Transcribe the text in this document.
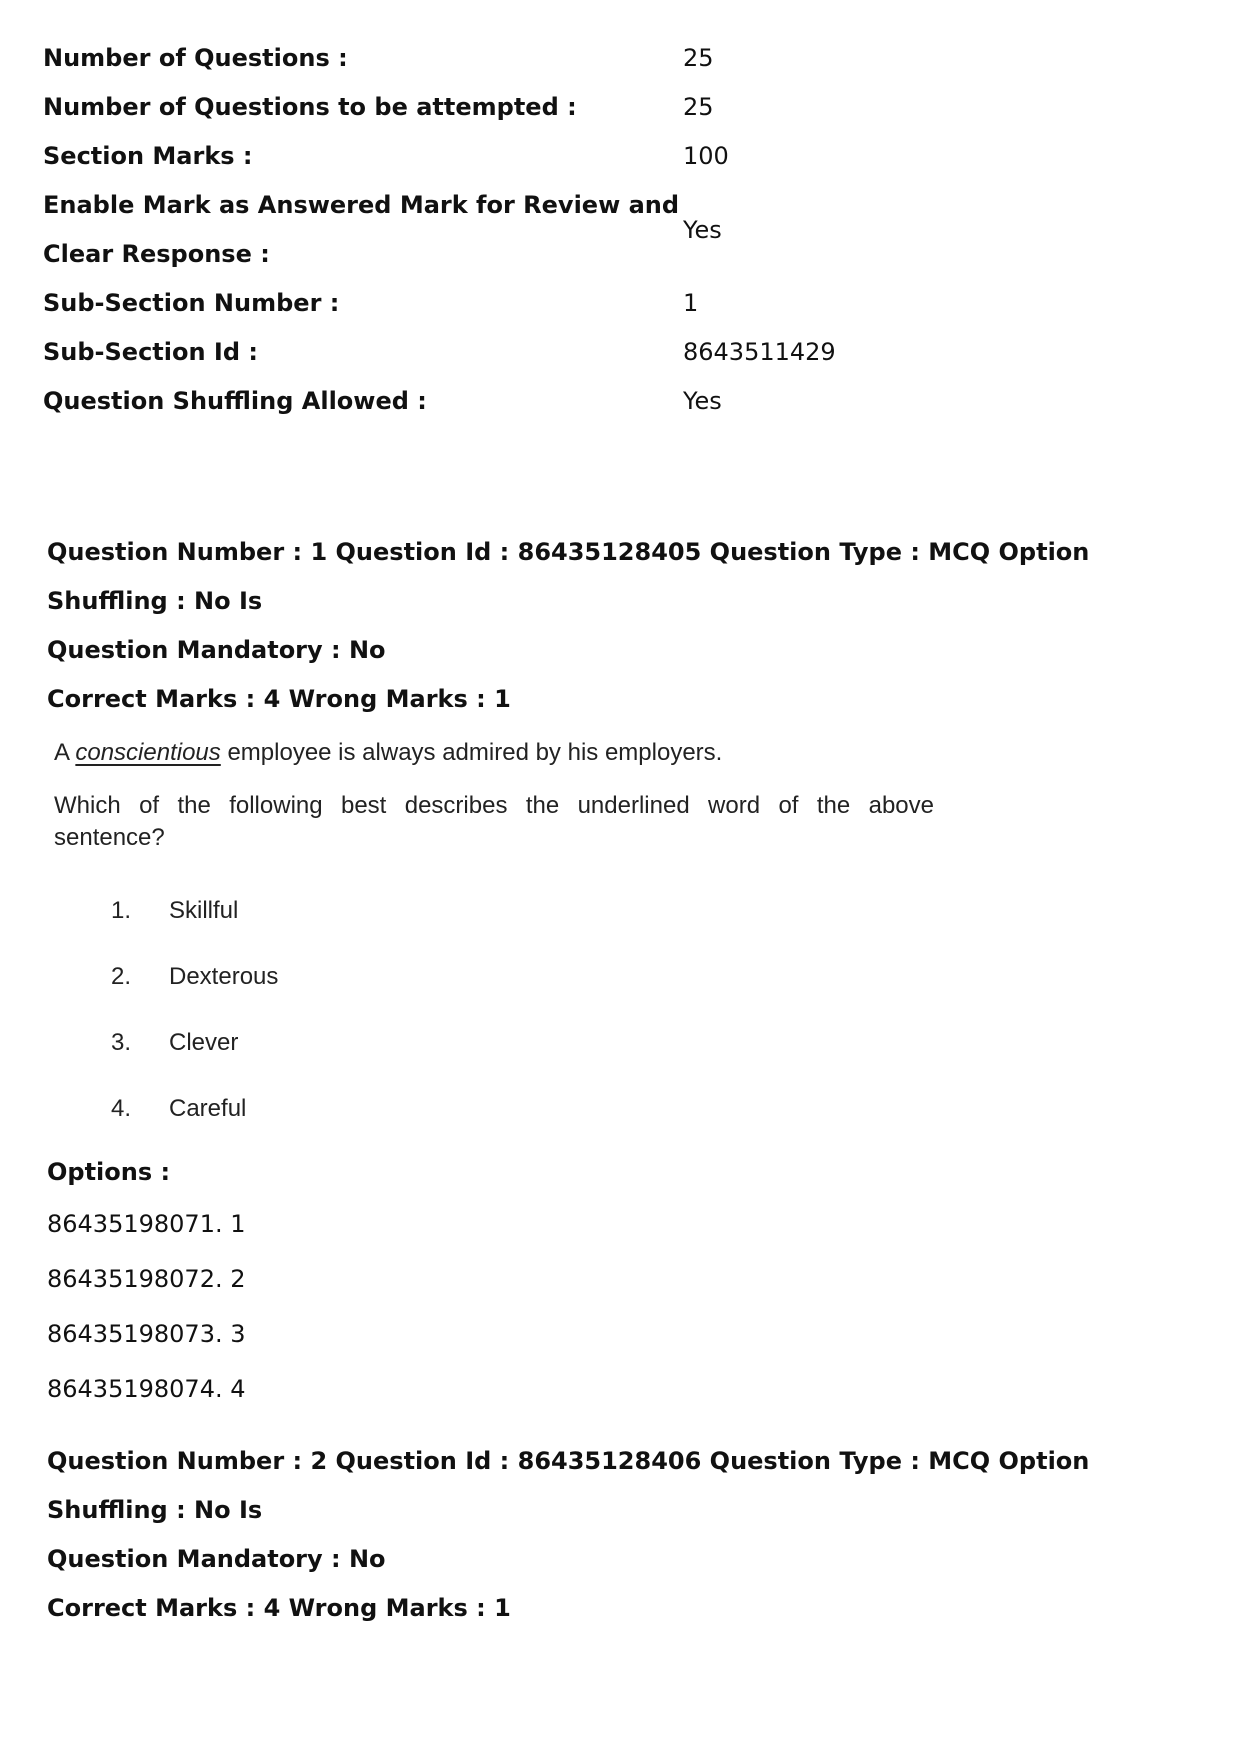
Number of Questions :	25
Number of Questions to be attempted :	25
Section Marks :	100

Enable Mark as Answered Mark for Review and
Clear Response :	Yes
Sub-Section Number :	1
Sub-Section Id :	8643511429
Question Shuffling Allowed :	Yes

Question Number : 1 Question Id : 86435128405 Question Type : MCQ Option Shuffling : No Is

Question Mandatory : No

Correct Marks : 4 Wrong Marks : 1

A conscientious employee is always admired by his employers.
Which of the following best describes the underlined word of the above sentence?
1.	Skillful
2.	Dexterous
3.	Clever
4.	Careful

Options :

86435198071. 1
86435198072. 2
86435198073. 3
86435198074. 4

Question Number : 2 Question Id : 86435128406 Question Type : MCQ Option Shuffling : No Is

Question Mandatory : No

Correct Marks : 4 Wrong Marks : 1
